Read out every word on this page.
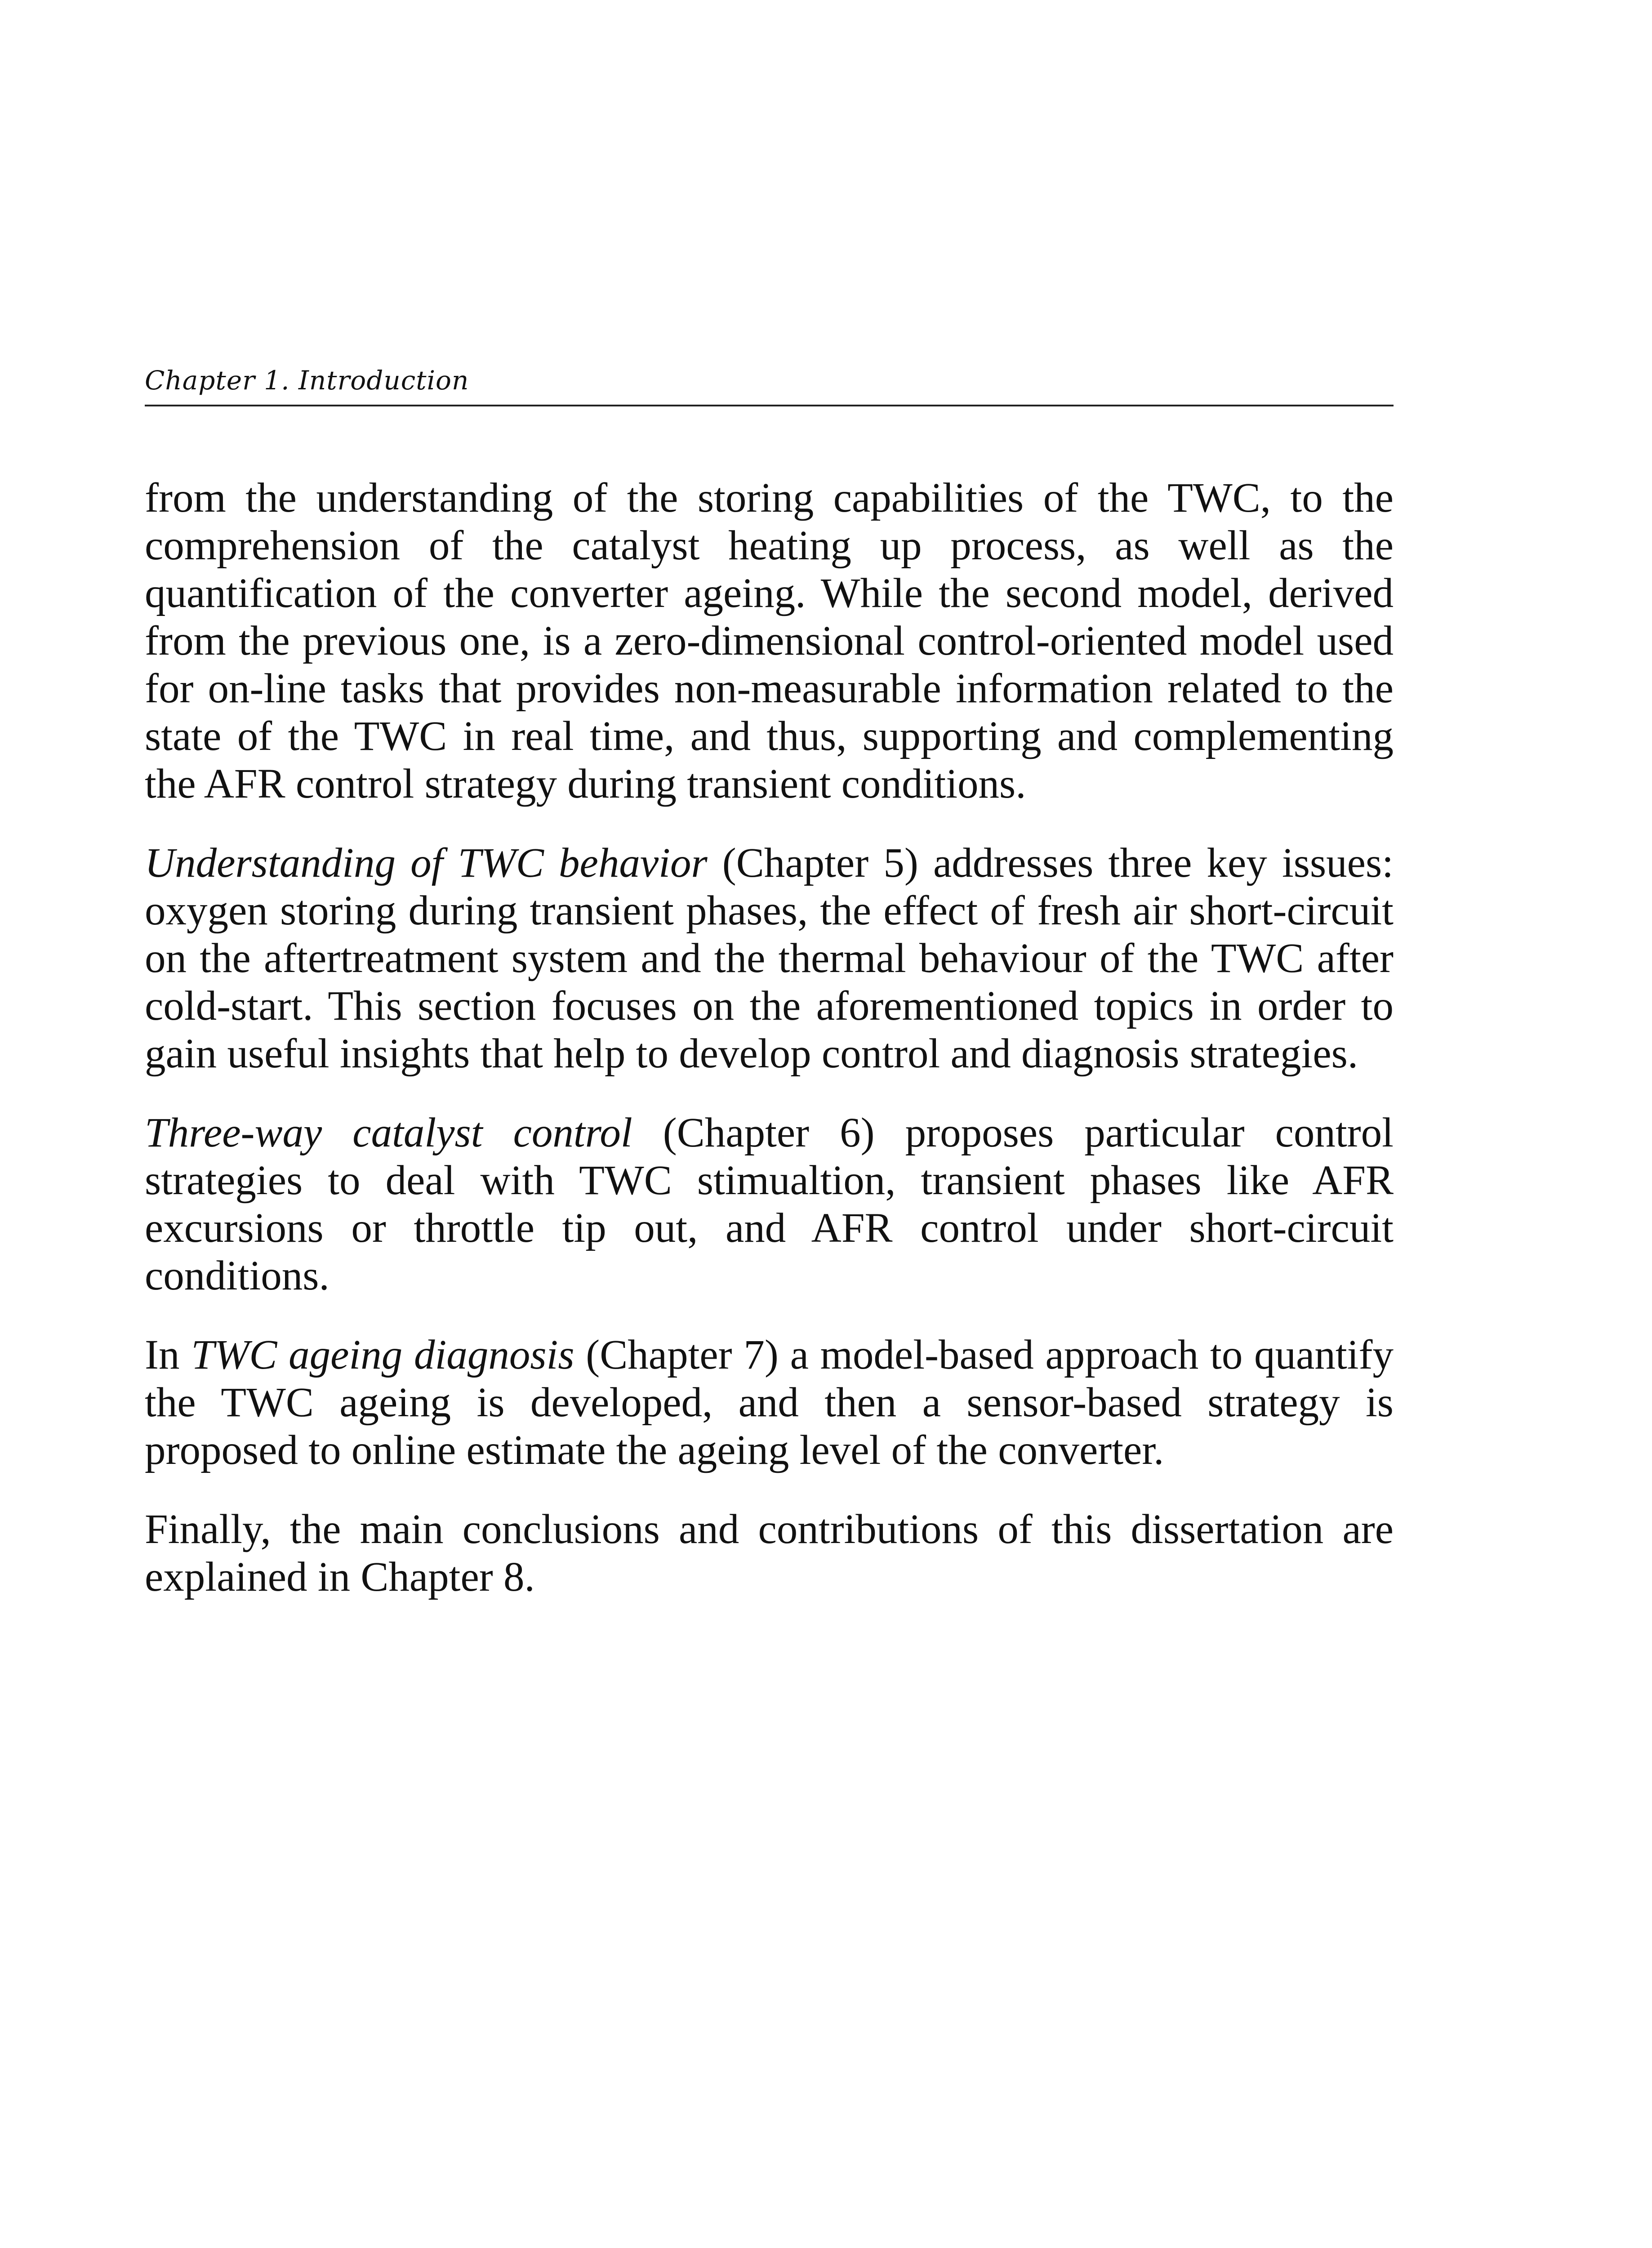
Chapter 1. Introduction

from the understanding of the storing capabilities of the TWC, to the comprehension of the catalyst heating up process, as well as the quantification of the converter ageing. While the second model, derived from the previous one, is a zero-dimensional control-oriented model used for on-line tasks that provides non-measurable information related to the state of the TWC in real time, and thus, supporting and complementing the AFR control strategy during transient conditions.

Understanding of TWC behavior (Chapter 5) addresses three key issues: oxygen storing during transient phases, the effect of fresh air short-circuit on the aftertreatment system and the thermal behaviour of the TWC after cold-start. This section focuses on the aforementioned topics in order to gain useful insights that help to develop control and diagnosis strategies.

Three-way catalyst control (Chapter 6) proposes particular control strategies to deal with TWC stimualtion, transient phases like AFR excursions or throttle tip out, and AFR control under short-circuit conditions.

In TWC ageing diagnosis (Chapter 7) a model-based approach to quantify the TWC ageing is developed, and then a sensor-based strategy is proposed to online estimate the ageing level of the converter.

Finally, the main conclusions and contributions of this dissertation are explained in Chapter 8.
